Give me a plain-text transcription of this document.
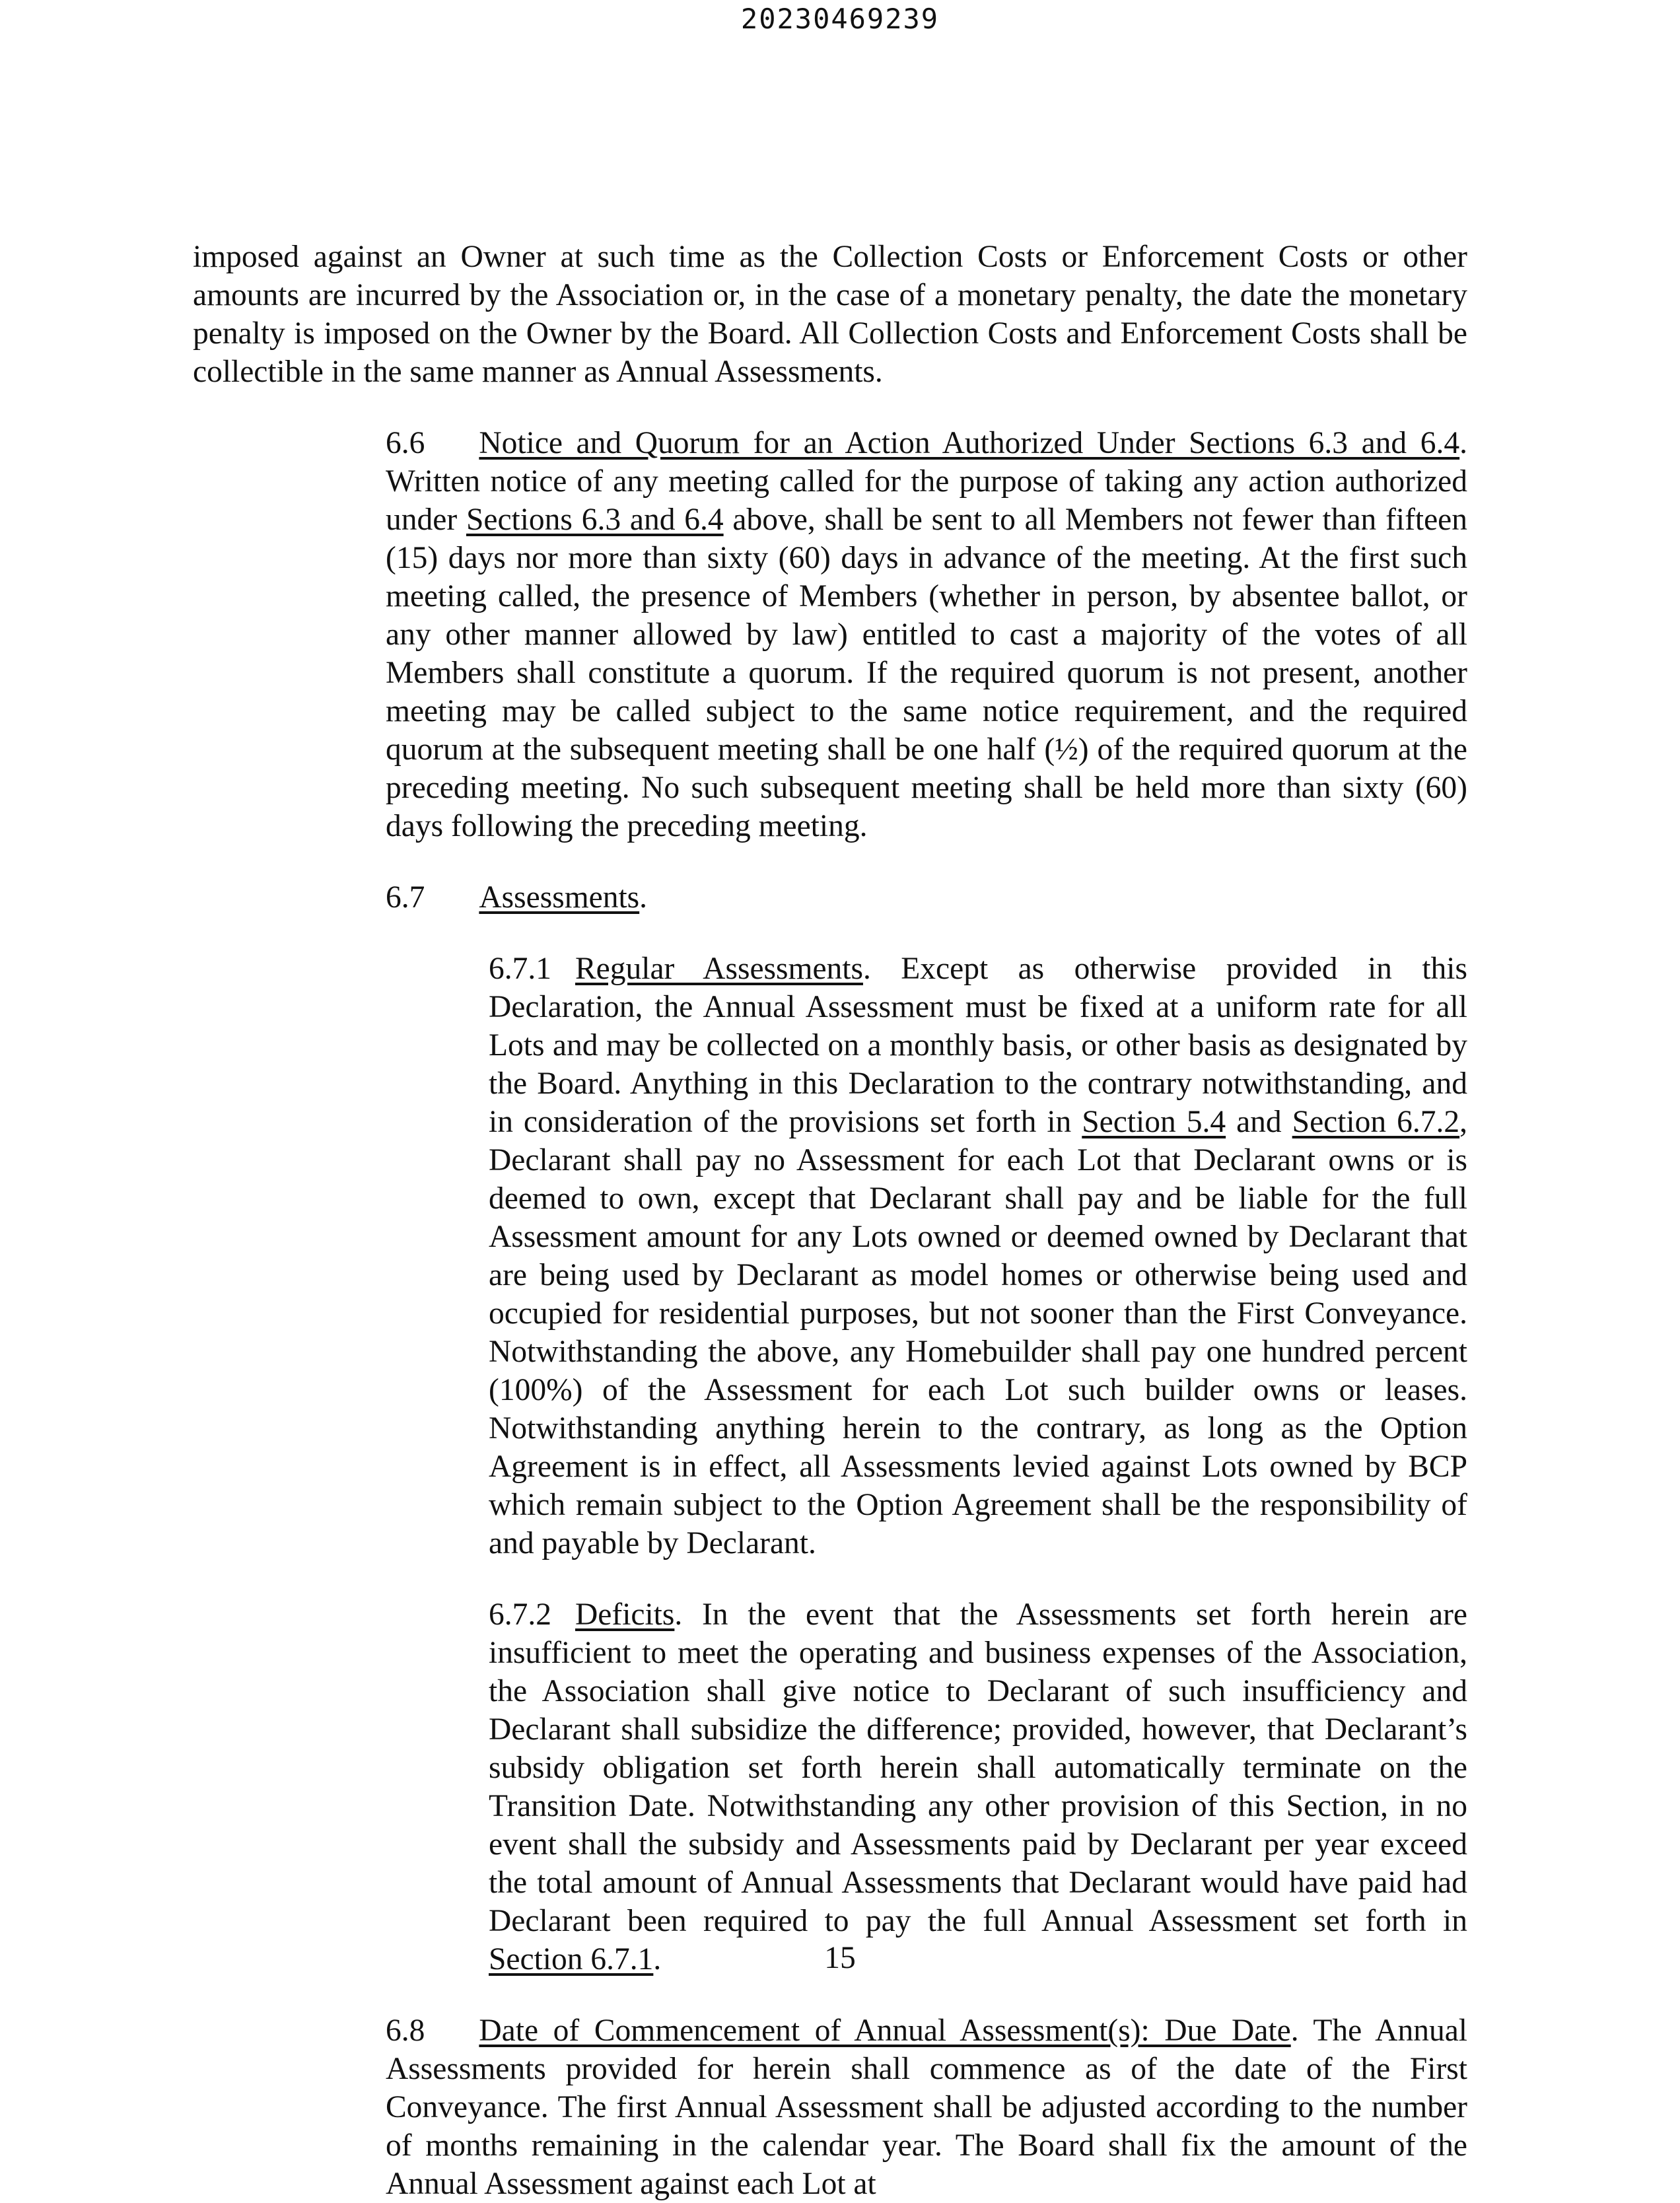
20230469239

imposed against an Owner at such time as the Collection Costs or Enforcement Costs or other amounts are incurred by the Association or, in the case of a monetary penalty, the date the monetary penalty is imposed on the Owner by the Board. All Collection Costs and Enforcement Costs shall be collectible in the same manner as Annual Assessments.

6.6 Notice and Quorum for an Action Authorized Under Sections 6.3 and 6.4. Written notice of any meeting called for the purpose of taking any action authorized under Sections 6.3 and 6.4 above, shall be sent to all Members not fewer than fifteen (15) days nor more than sixty (60) days in advance of the meeting. At the first such meeting called, the presence of Members (whether in person, by absentee ballot, or any other manner allowed by law) entitled to cast a majority of the votes of all Members shall constitute a quorum. If the required quorum is not present, another meeting may be called subject to the same notice requirement, and the required quorum at the subsequent meeting shall be one half (½) of the required quorum at the preceding meeting. No such subsequent meeting shall be held more than sixty (60) days following the preceding meeting.

6.7 Assessments.

6.7.1 Regular Assessments. Except as otherwise provided in this Declaration, the Annual Assessment must be fixed at a uniform rate for all Lots and may be collected on a monthly basis, or other basis as designated by the Board. Anything in this Declaration to the contrary notwithstanding, and in consideration of the provisions set forth in Section 5.4 and Section 6.7.2, Declarant shall pay no Assessment for each Lot that Declarant owns or is deemed to own, except that Declarant shall pay and be liable for the full Assessment amount for any Lots owned or deemed owned by Declarant that are being used by Declarant as model homes or otherwise being used and occupied for residential purposes, but not sooner than the First Conveyance. Notwithstanding the above, any Homebuilder shall pay one hundred percent (100%) of the Assessment for each Lot such builder owns or leases. Notwithstanding anything herein to the contrary, as long as the Option Agreement is in effect, all Assessments levied against Lots owned by BCP which remain subject to the Option Agreement shall be the responsibility of and payable by Declarant.

6.7.2 Deficits. In the event that the Assessments set forth herein are insufficient to meet the operating and business expenses of the Association, the Association shall give notice to Declarant of such insufficiency and Declarant shall subsidize the difference; provided, however, that Declarant’s subsidy obligation set forth herein shall automatically terminate on the Transition Date. Notwithstanding any other provision of this Section, in no event shall the subsidy and Assessments paid by Declarant per year exceed the total amount of Annual Assessments that Declarant would have paid had Declarant been required to pay the full Annual Assessment set forth in Section 6.7.1.

6.8 Date of Commencement of Annual Assessment(s): Due Date. The Annual Assessments provided for herein shall commence as of the date of the First Conveyance. The first Annual Assessment shall be adjusted according to the number of months remaining in the calendar year. The Board shall fix the amount of the Annual Assessment against each Lot at

15
